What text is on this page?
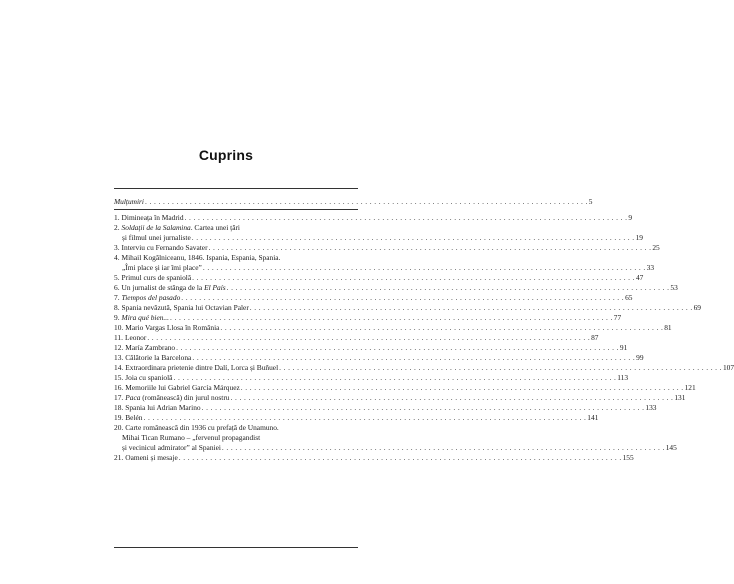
Cuprins
Mulțumiri . . .	5
1. Dimineața în Madrid . . .	9
2. Soldații de la Salamina. Cartea unei țări
și filmul unei jurnaliste . . .	19
3. Interviu cu Fernando Savater . . .	25
4. Mihail Kogălniceanu, 1846. Ispania, Espania, Spania.
„Îmi place și iar îmi place” . . .	33
5. Primul curs de spaniolă . . .	47
6. Un jurnalist de stânga de la El País . . .	53
7. Tiempos del pasado . . .	65
8. Spania nevăzută, Spania lui Octavian Paler . . .	69
9. Mira qué bien... . . .	77
10. Mario Vargas Llosa în România . . .	81
11. Leonor . . .	87
12. María Zambrano . . .	91
13. Călătorie la Barcelona . . .	99
14. Extraordinara prietenie dintre Dalí, Lorca și Buñuel . . .	107
15. Joia cu spaniolă . . .	113
16. Memoriile lui Gabriel García Márquez . . .	121
17. Paca (românească) din jurul nostru . . .	131
18. Spania lui Adrian Marino . . .	133
19. Belén . . .	141
20. Carte românească din 1936 cu prefață de Unamuno.
Mihai Tican Rumano – „fervenul propagandist
și vecinicul admirator” al Spaniei . . .	145
21. Oameni și mesaje . . .	155
